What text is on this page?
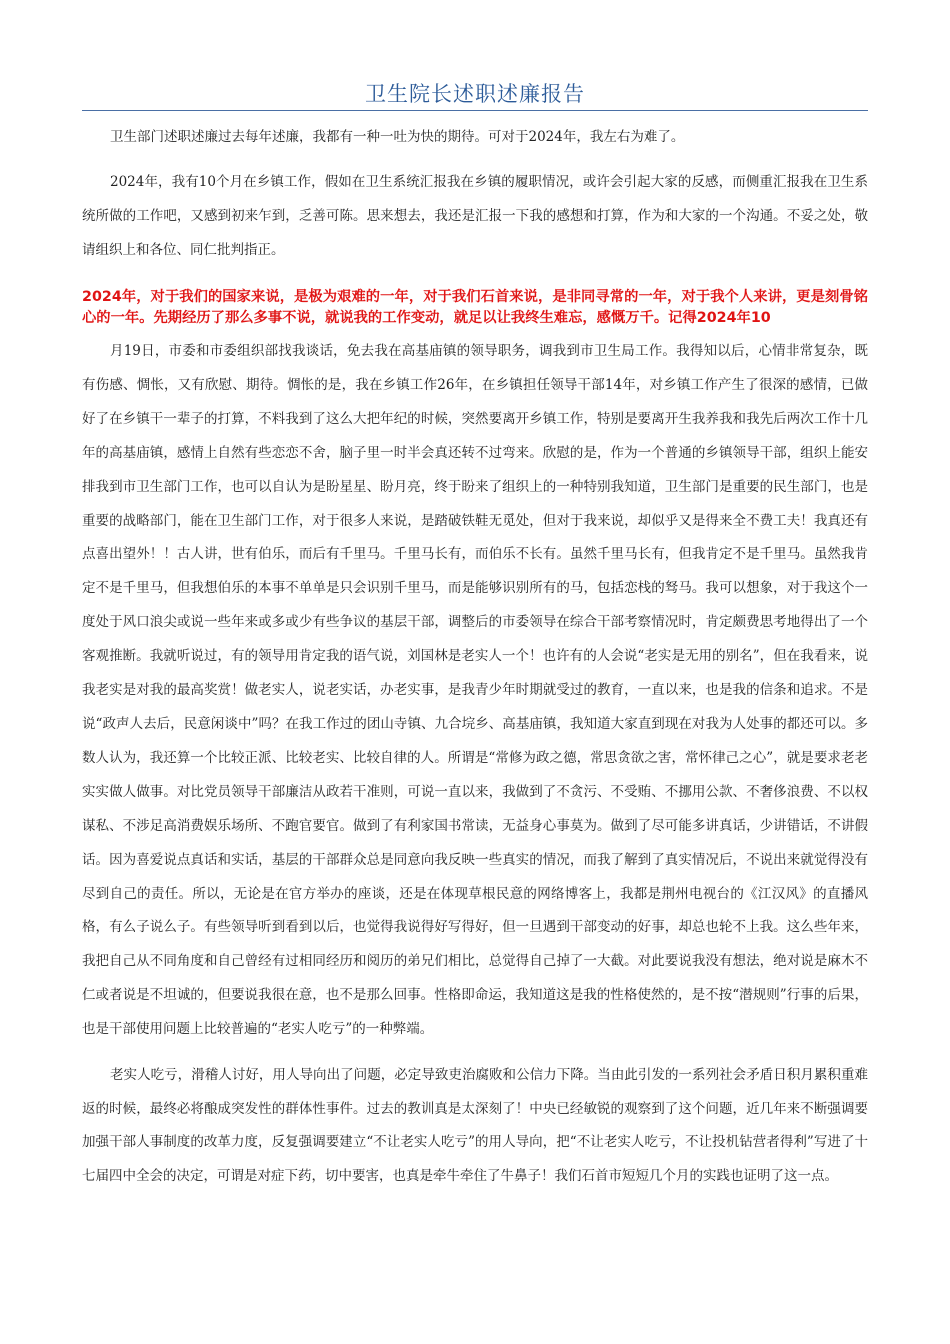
卫生院长述职述廉报告

卫生部门述职述廉过去每年述廉，我都有一种一吐为快的期待。可对于2024年，我左右为难了。

2024年，我有10个月在乡镇工作，假如在卫生系统汇报我在乡镇的履职情况，或许会引起大家的反感，而侧重汇报我在卫生系统所做的工作吧，又感到初来乍到，乏善可陈。思来想去，我还是汇报一下我的感想和打算，作为和大家的一个沟通。不妥之处，敬请组织上和各位、同仁批判指正。

2024年，对于我们的国家来说，是极为艰难的一年，对于我们石首来说，是非同寻常的一年，对于我个人来讲，更是刻骨铭心的一年。先期经历了那么多事不说，就说我的工作变动，就足以让我终生难忘，感慨万千。记得2024年10

月19日，市委和市委组织部找我谈话，免去我在高基庙镇的领导职务，调我到市卫生局工作。我得知以后，心情非常复杂，既有伤感、惆怅，又有欣慰、期待。惆怅的是，我在乡镇工作26年，在乡镇担任领导干部14年，对乡镇工作产生了很深的感情，已做好了在乡镇干一辈子的打算，不料我到了这么大把年纪的时候，突然要离开乡镇工作，特别是要离开生我养我和我先后两次工作十几年的高基庙镇，感情上自然有些恋恋不舍，脑子里一时半会真还转不过弯来。欣慰的是，作为一个普通的乡镇领导干部，组织上能安排我到市卫生部门工作，也可以自认为是盼星星、盼月亮，终于盼来了组织上的一种特别我知道，卫生部门是重要的民生部门，也是重要的战略部门，能在卫生部门工作，对于很多人来说，是踏破铁鞋无觅处，但对于我来说，却似乎又是得来全不费工夫！我真还有点喜出望外！！古人讲，世有伯乐，而后有千里马。千里马长有，而伯乐不长有。虽然千里马长有，但我肯定不是千里马。虽然我肯定不是千里马，但我想伯乐的本事不单单是只会识别千里马，而是能够识别所有的马，包括恋栈的驽马。我可以想象，对于我这个一度处于风口浪尖或说一些年来或多或少有些争议的基层干部，调整后的市委领导在综合干部考察情况时，肯定颇费思考地得出了一个客观推断。我就听说过，有的领导用肯定我的语气说，刘国林是老实人一个！也许有的人会说“老实是无用的别名”，但在我看来，说我老实是对我的最高奖赏！做老实人，说老实话，办老实事，是我青少年时期就受过的教育，一直以来，也是我的信条和追求。不是说“政声人去后，民意闲谈中”吗？在我工作过的团山寺镇、九合垸乡、高基庙镇，我知道大家直到现在对我为人处事的都还可以。多数人认为，我还算一个比较正派、比较老实、比较自律的人。所谓是“常修为政之德，常思贪欲之害，常怀律己之心”，就是要求老老实实做人做事。对比党员领导干部廉洁从政若干准则，可说一直以来，我做到了不贪污、不受贿、不挪用公款、不奢侈浪费、不以权谋私、不涉足高消费娱乐场所、不跑官要官。做到了有利家国书常读，无益身心事莫为。做到了尽可能多讲真话，少讲错话，不讲假话。因为喜爱说点真话和实话，基层的干部群众总是同意向我反映一些真实的情况，而我了解到了真实情况后，不说出来就觉得没有尽到自己的责任。所以，无论是在官方举办的座谈，还是在体现草根民意的网络博客上，我都是荆州电视台的《江汉风》的直播风格，有么子说么子。有些领导听到看到以后，也觉得我说得好写得好，但一旦遇到干部变动的好事，却总也轮不上我。这么些年来，我把自己从不同角度和自己曾经有过相同经历和阅历的弟兄们相比，总觉得自己掉了一大截。对此要说我没有想法，绝对说是麻木不仁或者说是不坦诚的，但要说我很在意，也不是那么回事。性格即命运，我知道这是我的性格使然的，是不按“潜规则”行事的后果，也是干部使用问题上比较普遍的“老实人吃亏”的一种弊端。

老实人吃亏，滑稽人讨好，用人导向出了问题，必定导致吏治腐败和公信力下降。当由此引发的一系列社会矛盾日积月累积重难返的时候，最终必将酿成突发性的群体性事件。过去的教训真是太深刻了！中央已经敏锐的观察到了这个问题，近几年来不断强调要加强干部人事制度的改革力度，反复强调要建立“不让老实人吃亏”的用人导向，把“不让老实人吃亏，不让投机钻营者得利”写进了十七届四中全会的决定，可谓是对症下药，切中要害，也真是牵牛牵住了牛鼻子！我们石首市短短几个月的实践也证明了这一点。
